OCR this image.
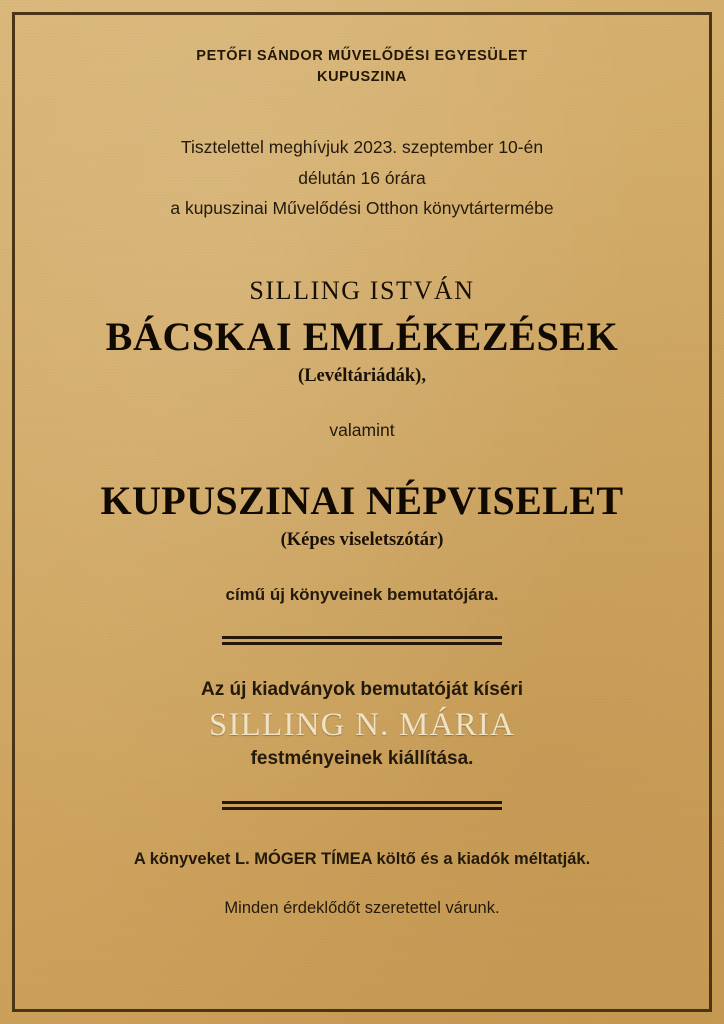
PETŐFI SÁNDOR MŰVELŐDÉSI EGYESÜLET
KUPUSZINA
Tisztelettel meghívjuk 2023. szeptember 10-én
délután 16 órára
a kupuszinai Művelődési Otthon könyvtártermébe
SILLING ISTVÁN
BÁCSKAI EMLÉKEZÉSEK
(Levéltáriádák),
valamint
KUPUSZINAI NÉPVISELET
(Képes viseletszótár)
című új könyveinek bemutatójára.
Az új kiadványok bemutatóját kíséri
SILLING N. MÁRIA
festményeinek kiállítása.
A könyveket L. MÓGER TÍMEA költő és a kiadók méltatják.
Minden érdeklődőt szeretettel várunk.
